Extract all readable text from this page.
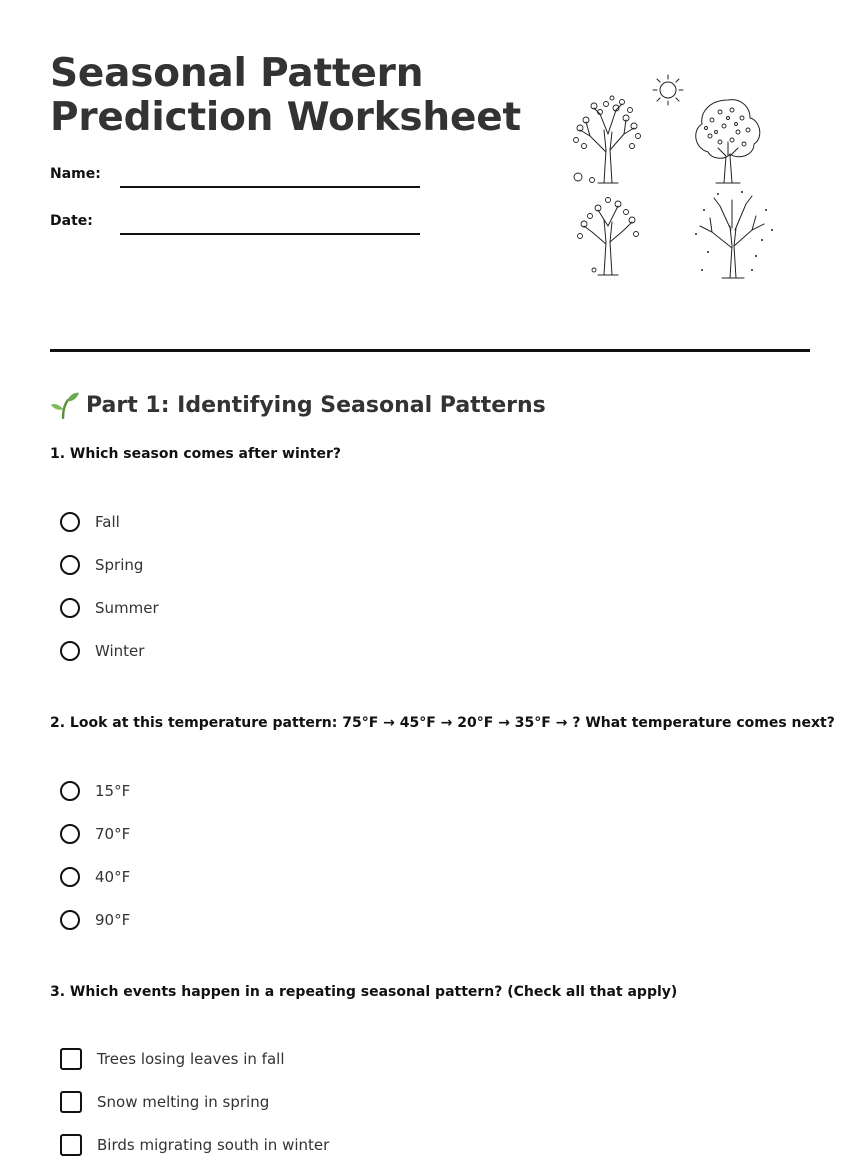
Seasonal Pattern
Prediction Worksheet
Name:
Date:
Part 1: Identifying Seasonal Patterns

1. Which season comes after winter?

Fall
Spring
Summer
Winter

2. Look at this temperature pattern: 75°F → 45°F → 20°F → 35°F → ? What temperature comes next?

15°F
70°F
40°F
90°F

3. Which events happen in a repeating seasonal pattern? (Check all that apply)

Trees losing leaves in fall
Snow melting in spring
Birds migrating south in winter
